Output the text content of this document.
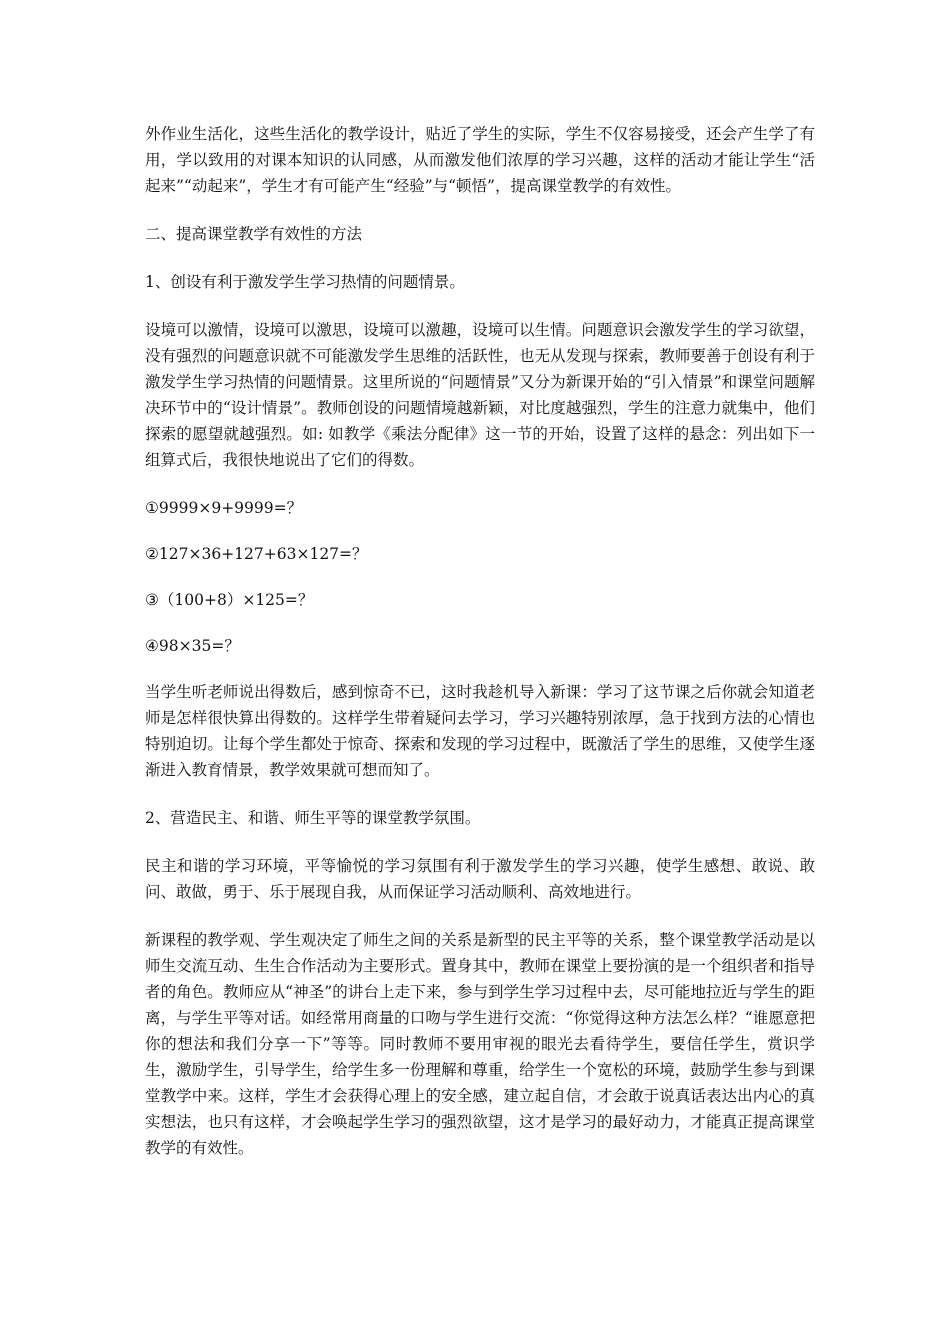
外作业生活化，这些生活化的教学设计，贴近了学生的实际，学生不仅容易接受，还会产生学了有用，学以致用的对课本知识的认同感，从而激发他们浓厚的学习兴趣，这样的活动才能让学生“活起来”“动起来”，学生才有可能产生“经验”与“顿悟”，提高课堂教学的有效性。

二、提高课堂教学有效性的方法

1、创设有利于激发学生学习热情的问题情景。

设境可以激情，设境可以激思，设境可以激趣，设境可以生情。问题意识会激发学生的学习欲望，没有强烈的问题意识就不可能激发学生思维的活跃性，也无从发现与探索，教师要善于创设有利于激发学生学习热情的问题情景。这里所说的“问题情景”又分为新课开始的“引入情景”和课堂问题解决环节中的“设计情景”。教师创设的问题情境越新颖，对比度越强烈，学生的注意力就集中，他们探索的愿望就越强烈。如: 如教学《乘法分配律》这一节的开始，设置了这样的悬念：列出如下一组算式后，我很快地说出了它们的得数。

①9999×9+9999=？

②127×36+127+63×127=？

③（100+8）×125=？

④98×35=？

当学生听老师说出得数后，感到惊奇不已，这时我趁机导入新课：学习了这节课之后你就会知道老师是怎样很快算出得数的。这样学生带着疑问去学习，学习兴趣特别浓厚，急于找到方法的心情也特别迫切。让每个学生都处于惊奇、探索和发现的学习过程中，既激活了学生的思维，又使学生逐渐进入教育情景，教学效果就可想而知了。

2、营造民主、和谐、师生平等的课堂教学氛围。

民主和谐的学习环境，平等愉悦的学习氛围有利于激发学生的学习兴趣，使学生感想、敢说、敢问、敢做，勇于、乐于展现自我，从而保证学习活动顺利、高效地进行。

新课程的教学观、学生观决定了师生之间的关系是新型的民主平等的关系，整个课堂教学活动是以师生交流互动、生生合作活动为主要形式。置身其中，教师在课堂上要扮演的是一个组织者和指导者的角色。教师应从“神圣”的讲台上走下来，参与到学生学习过程中去，尽可能地拉近与学生的距离，与学生平等对话。如经常用商量的口吻与学生进行交流：“你觉得这种方法怎么样？“谁愿意把你的想法和我们分享一下”等等。同时教师不要用审视的眼光去看待学生，要信任学生，赏识学生，激励学生，引导学生，给学生多一份理解和尊重，给学生一个宽松的环境，鼓励学生参与到课堂教学中来。这样，学生才会获得心理上的安全感，建立起自信，才会敢于说真话表达出内心的真实想法，也只有这样，才会唤起学生学习的强烈欲望，这才是学习的最好动力，才能真正提高课堂教学的有效性。
